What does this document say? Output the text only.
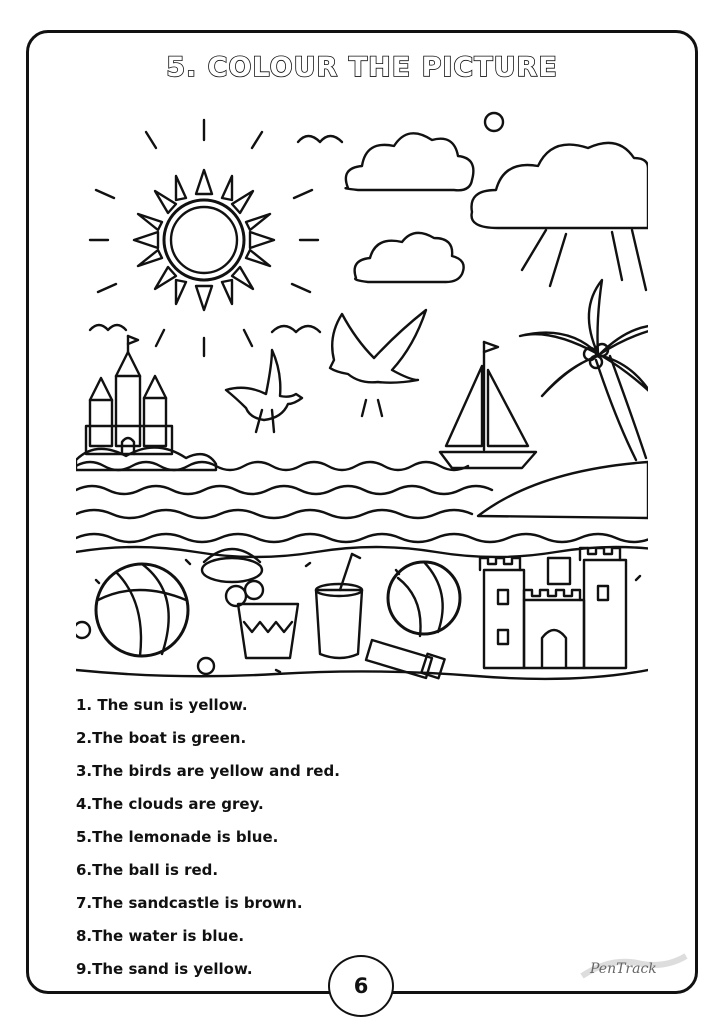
5. COLOUR THE PICTURE
1. The sun is yellow.
2.The boat is green.
3.The birds are yellow and red.
4.The clouds are grey.
5.The lemonade is blue.
6.The ball is red.
7.The sandcastle is brown.
8.The water is blue.
9.The sand is yellow.
6
PenTrack
